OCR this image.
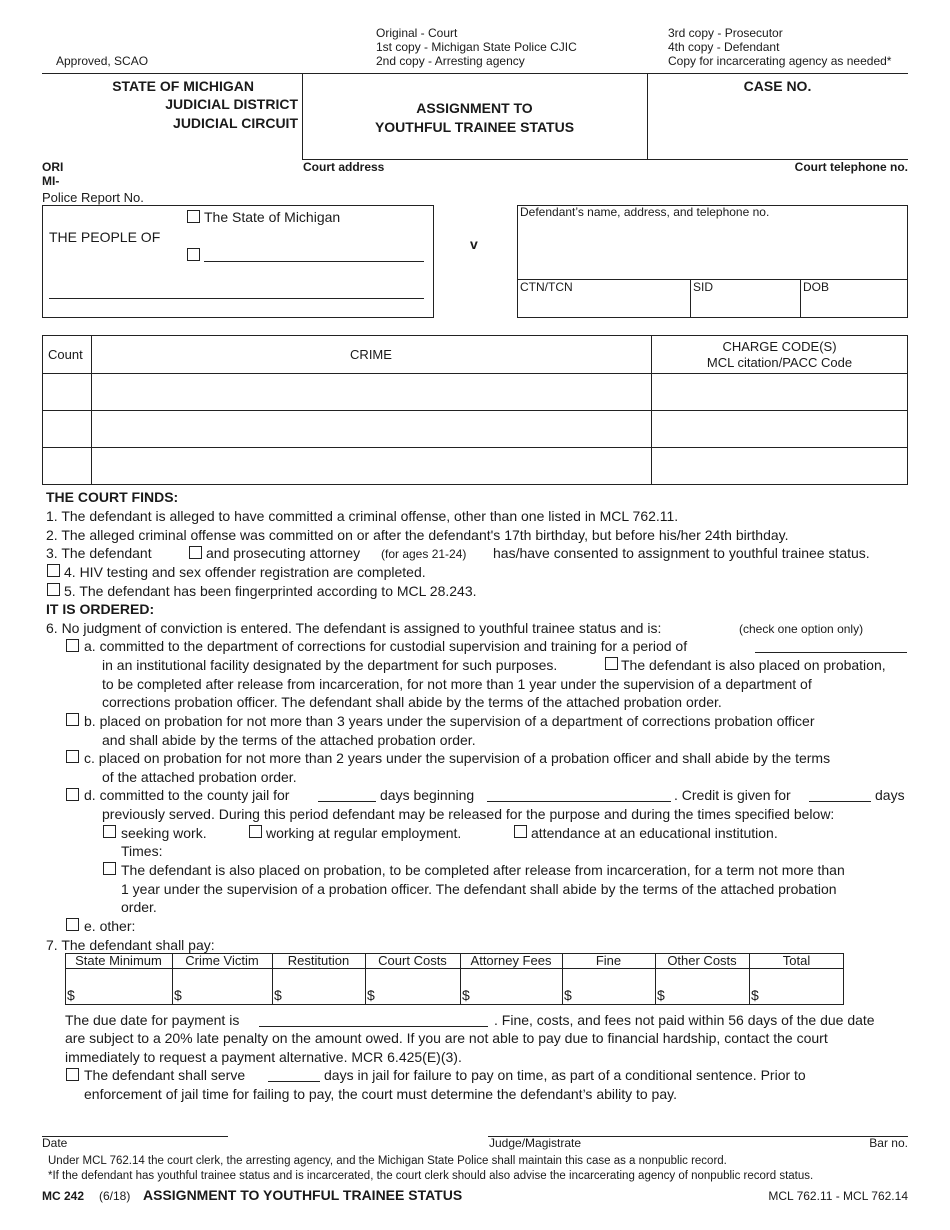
Approved, SCAO
Original - Court
1st copy - Michigan State Police CJIC
2nd copy - Arresting agency
3rd copy - Prosecutor
4th copy - Defendant
Copy for incarcerating agency as needed*
STATE OF MICHIGAN
JUDICIAL DISTRICT
JUDICIAL CIRCUIT
ASSIGNMENT TO
YOUTHFUL TRAINEE STATUS
CASE NO.
ORI
MI-
Court address	Court telephone no.
Police Report No.
THE PEOPLE OF
The State of Michigan
v
Defendant’s name, address, and telephone no.
CTN/TCN	SID	DOB
Count	CRIME
CHARGE CODE(S)
MCL citation/PACC Code
THE COURT FINDS:
1. The defendant is alleged to have committed a criminal offense, other than one listed in MCL 762.11.
2. The alleged criminal offense was committed on or after the defendant's 17th birthday, but before his/her 24th birthday.
3. The defendant	and prosecuting attorney (for ages 21-24) has/have consented to assignment to youthful trainee status.
4. HIV testing and sex offender registration are completed.
5. The defendant has been fingerprinted according to MCL 28.243.
IT IS ORDERED:
6. No judgment of conviction is entered. The defendant is assigned to youthful trainee status and is:	(check one option only)
a. committed to the department of corrections for custodial supervision and training for a period of
in an institutional facility designated by the department for such purposes.	The defendant is also placed on probation,
to be completed after release from incarceration, for not more than 1 year under the supervision of a department of
corrections probation officer. The defendant shall abide by the terms of the attached probation order.
b. placed on probation for not more than 3 years under the supervision of a department of corrections probation officer
and shall abide by the terms of the attached probation order.
c. placed on probation for not more than 2 years under the supervision of a probation officer and shall abide by the terms
of the attached probation order.
d. committed to the county jail for	days beginning	. Credit is given for	days
previously served. During this period defendant may be released for the purpose and during the times specified below:
seeking work.	working at regular employment.	attendance at an educational institution.
Times:
The defendant is also placed on probation, to be completed after release from incarceration, for a term not more than
1 year under the supervision of a probation officer. The defendant shall abide by the terms of the attached probation
order.
e. other:
7. The defendant shall pay:
State Minimum	Crime Victim	Restitution	Court Costs	Attorney Fees	Fine	Other Costs	Total
$	$	$	$	$	$	$	$
The due date for payment is	. Fine, costs, and fees not paid within 56 days of the due date
are subject to a 20% late penalty on the amount owed. If you are not able to pay due to financial hardship, contact the court
immediately to request a payment alternative. MCR 6.425(E)(3).
The defendant shall serve	days in jail for failure to pay on time, as part of a conditional sentence. Prior to
enforcement of jail time for failing to pay, the court must determine the defendant’s ability to pay.
Date	Judge/Magistrate	Bar no.
Under MCL 762.14 the court clerk, the arresting agency, and the Michigan State Police shall maintain this case as a nonpublic record.
*If the defendant has youthful trainee status and is incarcerated, the court clerk should also advise the incarcerating agency of nonpublic record status.
MC 242 (6/18) ASSIGNMENT TO YOUTHFUL TRAINEE STATUS	MCL 762.11 - MCL 762.14
